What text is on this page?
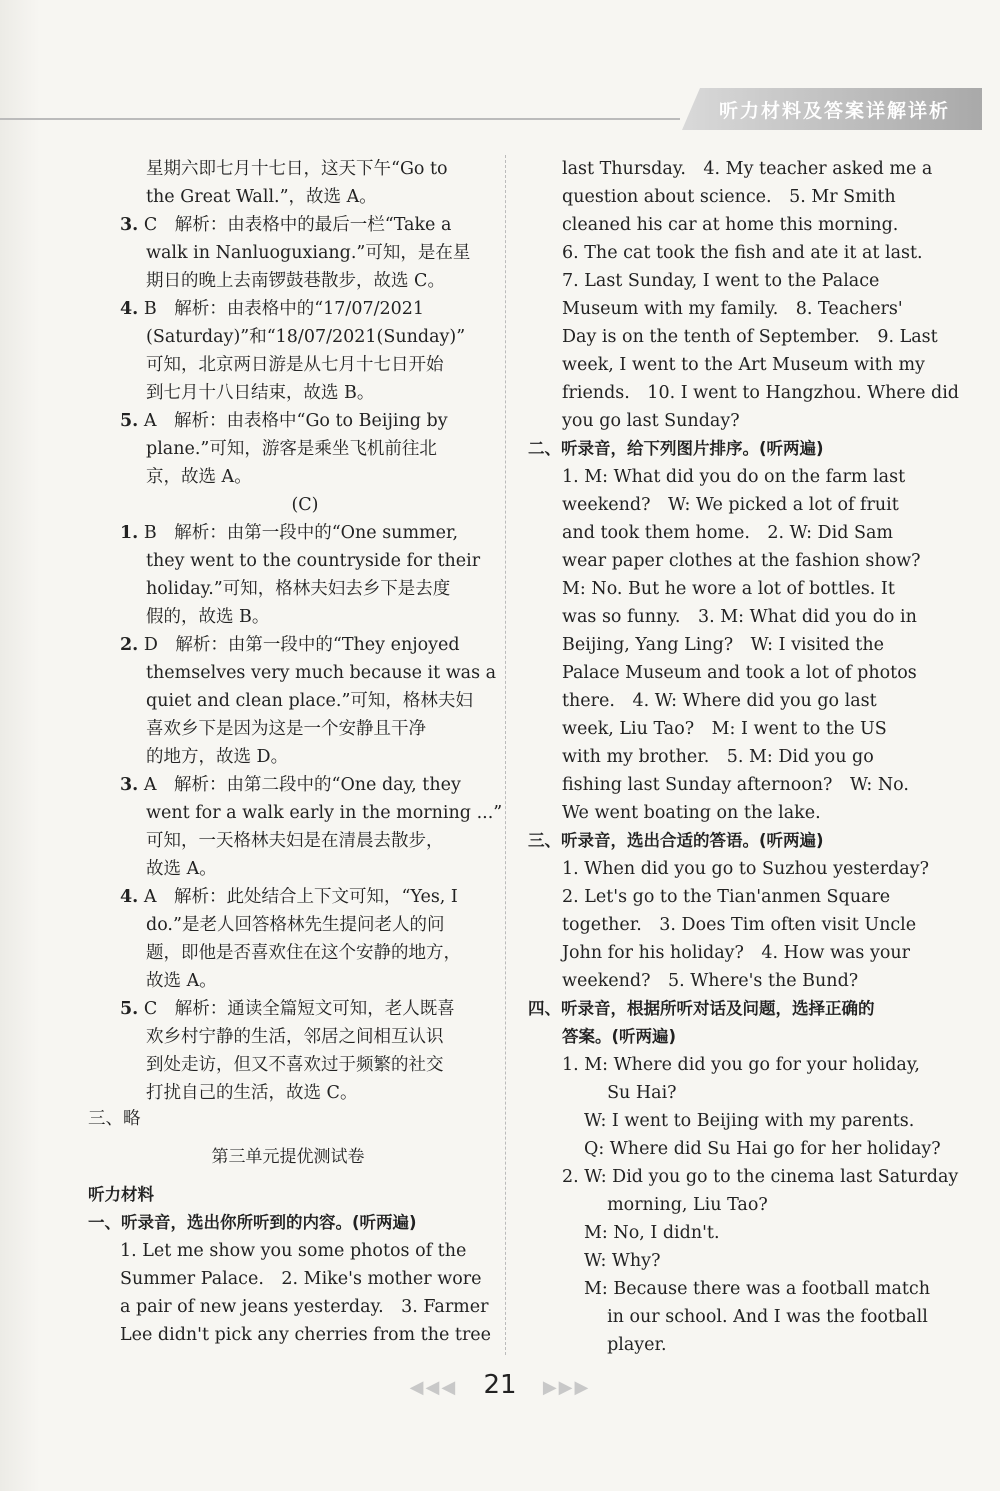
听力材料及答案详解详析
星期六即七月十七日，这天下午“Go to
the Great Wall.”，故选 A。
3. C　解析：由表格中的最后一栏“Take a
walk in Nanluoguxiang.”可知，是在星
期日的晚上去南锣鼓巷散步，故选 C。
4. B　解析：由表格中的“17/07/2021
(Saturday)”和“18/07/2021(Sunday)”
可知，北京两日游是从七月十七日开始
到七月十八日结束，故选 B。
5. A　解析：由表格中“Go to Beijing by
plane.”可知，游客是乘坐飞机前往北
京，故选 A。
(C)
1. B　解析：由第一段中的“One summer,
they went to the countryside for their
holiday.”可知，格林夫妇去乡下是去度
假的，故选 B。
2. D　解析：由第一段中的“They enjoyed
themselves very much because it was a
quiet and clean place.”可知，格林夫妇
喜欢乡下是因为这是一个安静且干净
的地方，故选 D。
3. A　解析：由第二段中的“One day, they
went for a walk early in the morning ...”
可知，一天格林夫妇是在清晨去散步，
故选 A。
4. A　解析：此处结合上下文可知，“Yes, I
do.”是老人回答格林先生提问老人的问
题，即他是否喜欢住在这个安静的地方，
故选 A。
5. C　解析：通读全篇短文可知，老人既喜
欢乡村宁静的生活，邻居之间相互认识
到处走访，但又不喜欢过于频繁的社交
打扰自己的生活，故选 C。
三、略
第三单元提优测试卷
听力材料
一、听录音，选出你所听到的内容。(听两遍)
1. Let me show you some photos of the
Summer Palace.　2. Mike's mother wore
a pair of new jeans yesterday.　3. Farmer
Lee didn't pick any cherries from the tree
last Thursday.　4. My teacher asked me a
question about science.　5. Mr Smith
cleaned his car at home this morning.
6. The cat took the fish and ate it at last.
7. Last Sunday, I went to the Palace
Museum with my family.　8. Teachers'
Day is on the tenth of September.　9. Last
week, I went to the Art Museum with my
friends.　10. I went to Hangzhou. Where did
you go last Sunday?
二、听录音，给下列图片排序。(听两遍)
1. M: What did you do on the farm last
weekend?　W: We picked a lot of fruit
and took them home.　2. W: Did Sam
wear paper clothes at the fashion show?
M: No. But he wore a lot of bottles. It
was so funny.　3. M: What did you do in
Beijing, Yang Ling?　W: I visited the
Palace Museum and took a lot of photos
there.　4. W: Where did you go last
week, Liu Tao?　M: I went to the US
with my brother.　5. M: Did you go
fishing last Sunday afternoon?　W: No.
We went boating on the lake.
三、听录音，选出合适的答语。(听两遍)
1. When did you go to Suzhou yesterday?
2. Let's go to the Tian'anmen Square
together.　3. Does Tim often visit Uncle
John for his holiday?　4. How was your
weekend?　5. Where's the Bund?
四、听录音，根据所听对话及问题，选择正确的
答案。(听两遍)
1. M: Where did you go for your holiday,
　 Su Hai?
W: I went to Beijing with my parents.
Q: Where did Su Hai go for her holiday?
2. W: Did you go to the cinema last Saturday
　 morning, Liu Tao?
M: No, I didn't.
W: Why?
M: Because there was a football match
　 in our school. And I was the football
　 player.
◀◀◀ 21 ▶▶▶
